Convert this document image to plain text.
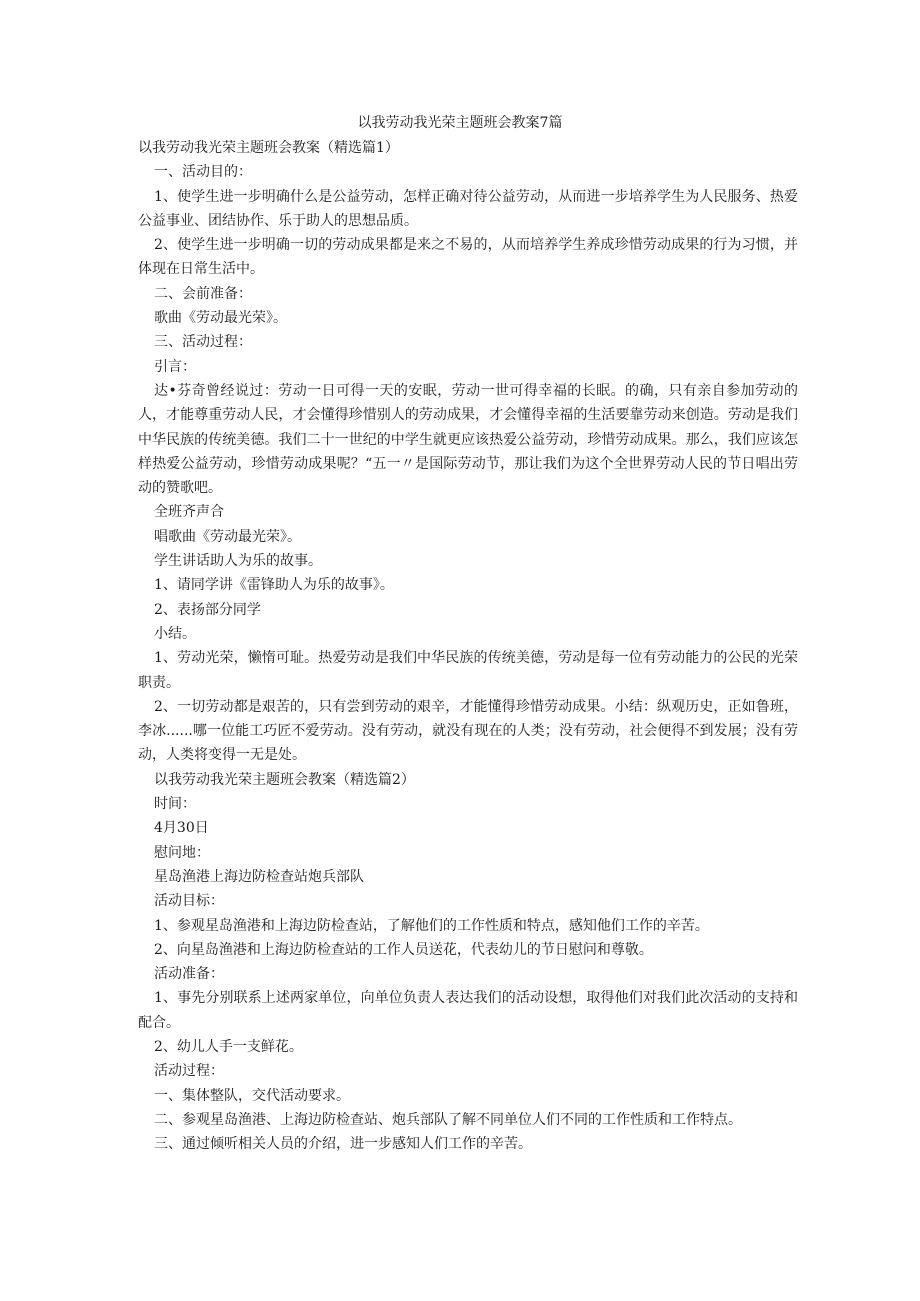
以我劳动我光荣主题班会教案7篇

以我劳动我光荣主题班会教案（精选篇1）

一、活动目的：

1、使学生进一步明确什么是公益劳动，怎样正确对待公益劳动，从而进一步培养学生为人民服务、热爱公益事业、团结协作、乐于助人的思想品质。

2、使学生进一步明确一切的劳动成果都是来之不易的，从而培养学生养成珍惜劳动成果的行为习惯，并体现在日常生活中。

二、会前准备：

歌曲《劳动最光荣》。

三、活动过程：

引言：

达•芬奇曾经说过：劳动一日可得一天的安眠，劳动一世可得幸福的长眠。的确，只有亲自参加劳动的人，才能尊重劳动人民，才会懂得珍惜别人的劳动成果，才会懂得幸福的生活要靠劳动来创造。劳动是我们中华民族的传统美德。我们二十一世纪的中学生就更应该热爱公益劳动，珍惜劳动成果。那么，我们应该怎样热爱公益劳动，珍惜劳动成果呢？“五一〃是国际劳动节，那让我们为这个全世界劳动人民的节日唱出劳动的赞歌吧。

全班齐声合

唱歌曲《劳动最光荣》。

学生讲话助人为乐的故事。

1、请同学讲《雷锋助人为乐的故事》。

2、表扬部分同学

小结。

1、劳动光荣，懒惰可耻。热爱劳动是我们中华民族的传统美德，劳动是每一位有劳动能力的公民的光荣职责。

2、一切劳动都是艰苦的，只有尝到劳动的艰辛，才能懂得珍惜劳动成果。小结：纵观历史，正如鲁班，李冰......哪一位能工巧匠不爱劳动。没有劳动，就没有现在的人类；没有劳动，社会便得不到发展；没有劳动，人类将变得一无是处。

以我劳动我光荣主题班会教案（精选篇2）

时间：

4月30日

慰问地：

星岛渔港上海边防检查站炮兵部队

活动目标：

1、参观星岛渔港和上海边防检查站，了解他们的工作性质和特点，感知他们工作的辛苦。

2、向星岛渔港和上海边防检查站的工作人员送花，代表幼儿的节日慰问和尊敬。

活动准备：

1、事先分别联系上述两家单位，向单位负责人表达我们的活动设想，取得他们对我们此次活动的支持和配合。

2、幼儿人手一支鲜花。

活动过程：

一、集体整队，交代活动要求。

二、参观星岛渔港、上海边防检查站、炮兵部队了解不同单位人们不同的工作性质和工作特点。

三、通过倾听相关人员的介绍，进一步感知人们工作的辛苦。
